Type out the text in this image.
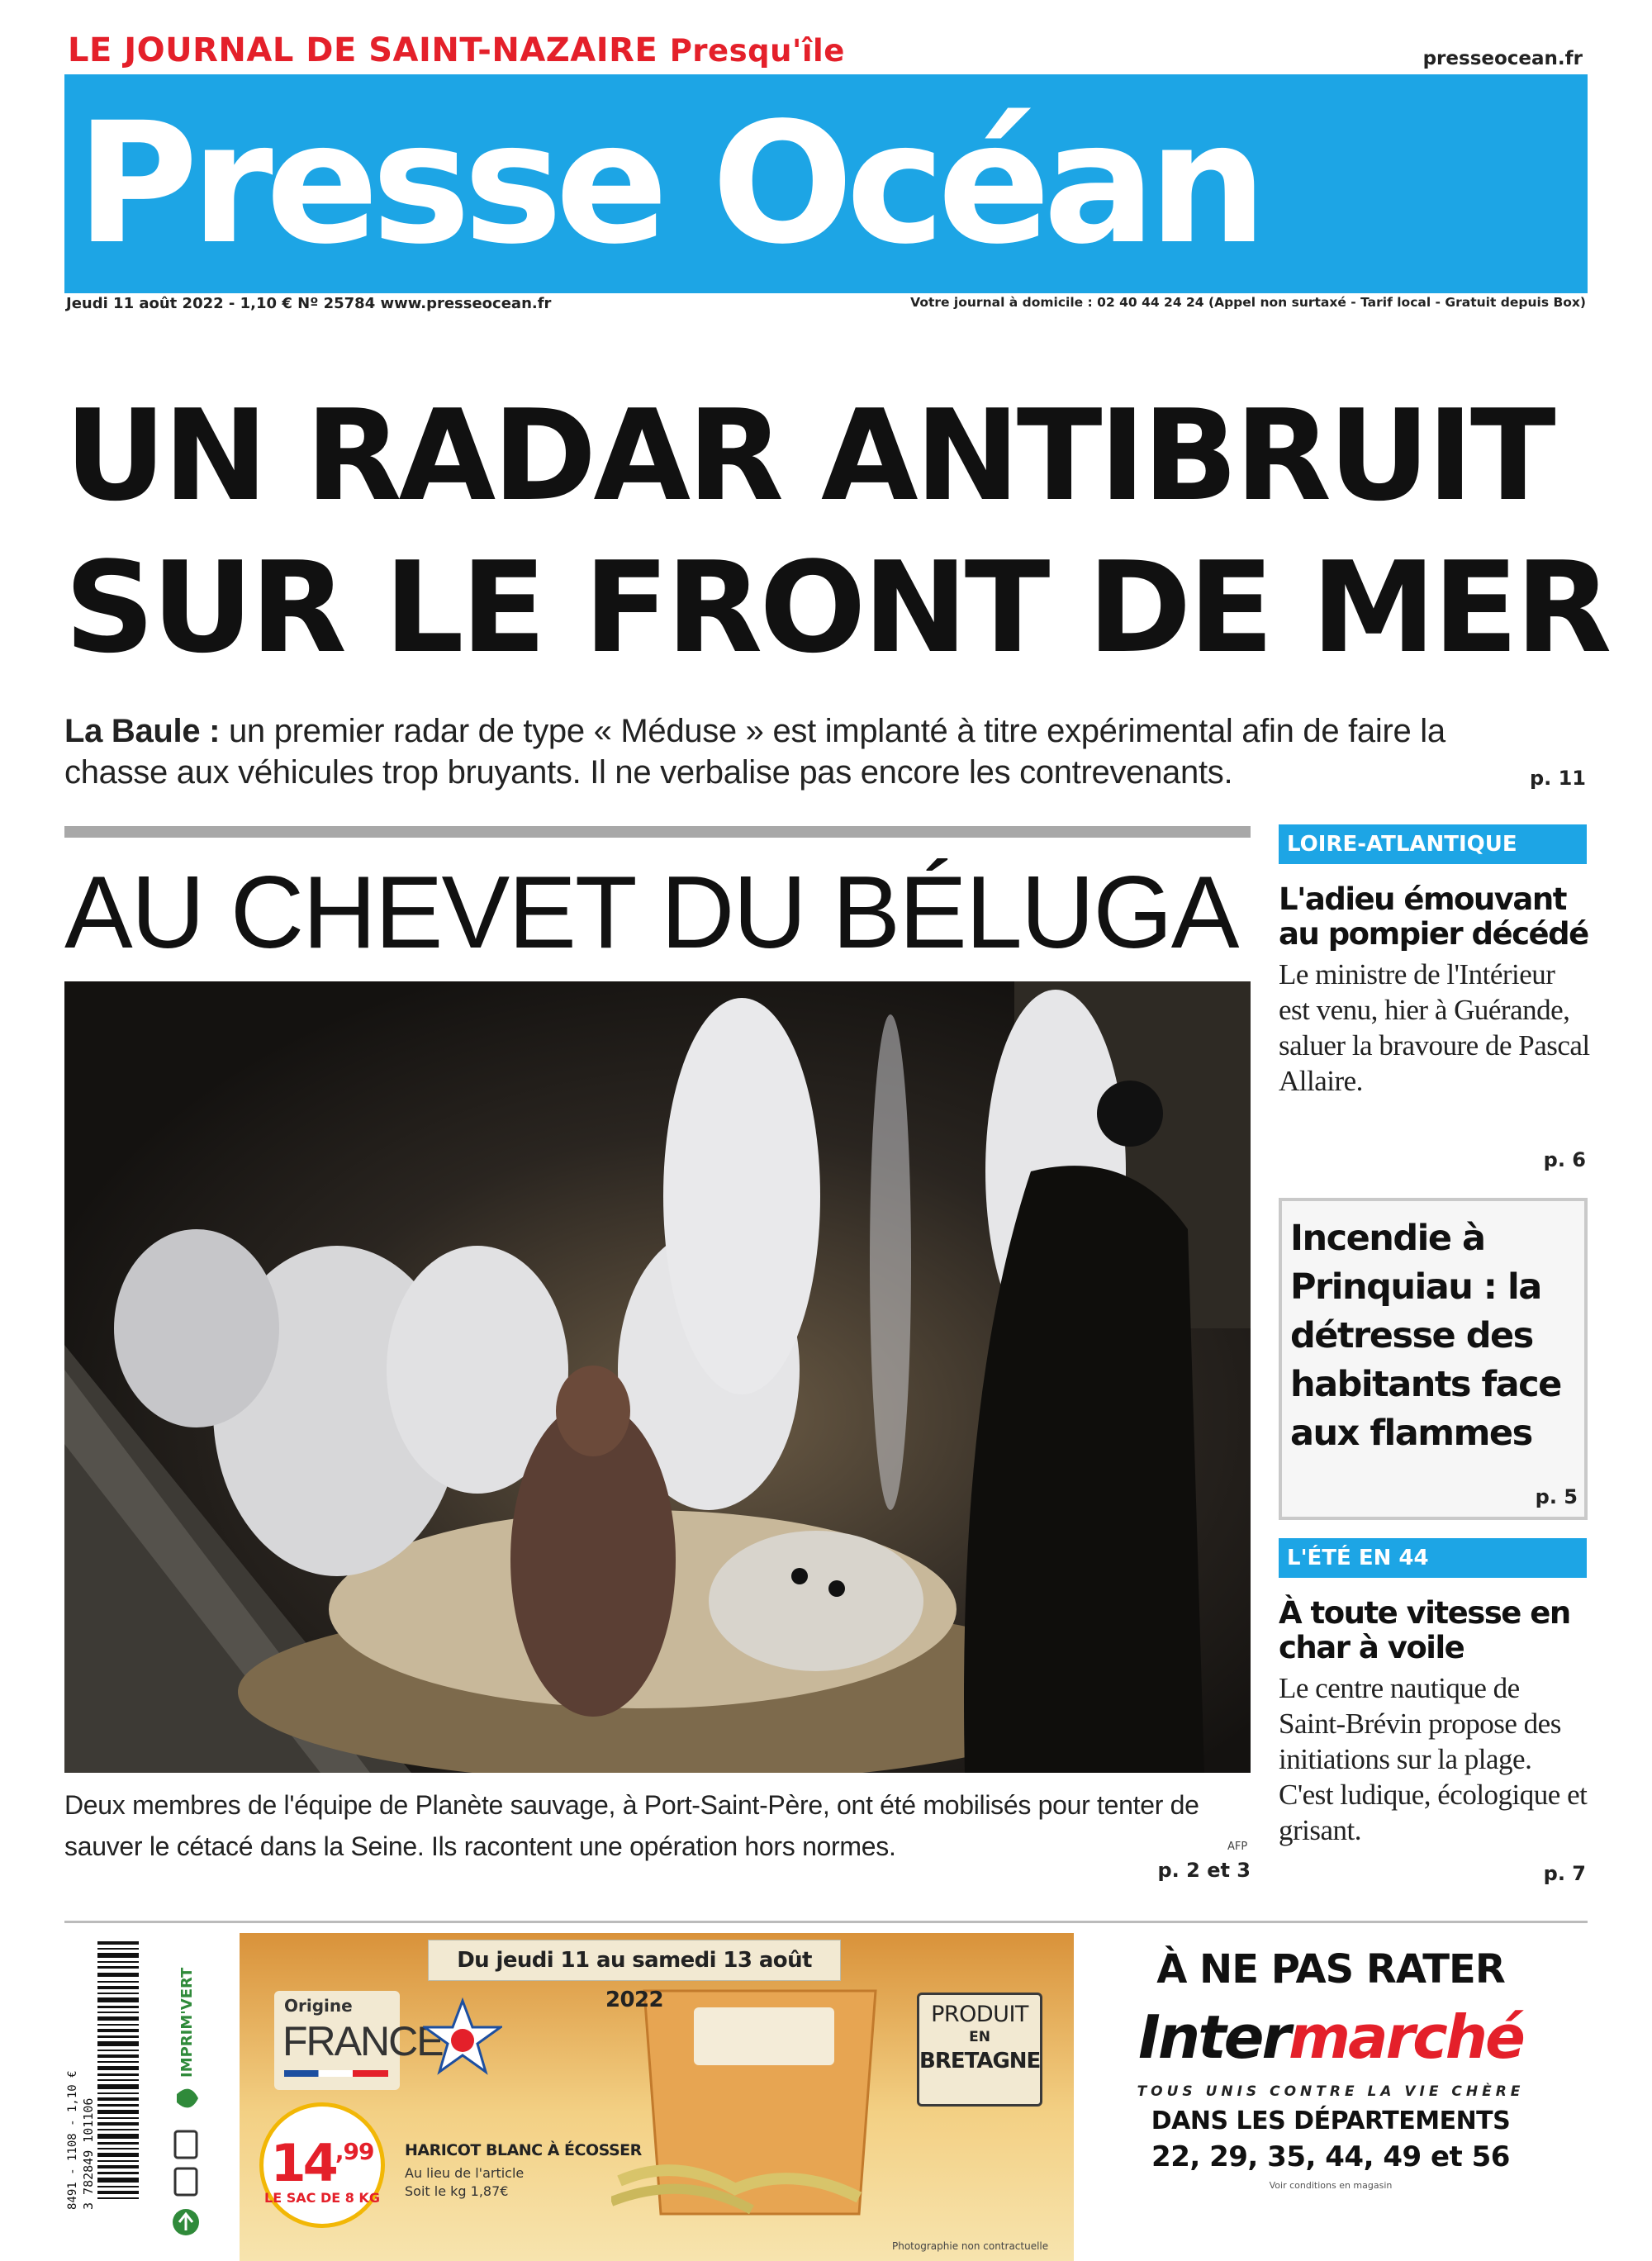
LE JOURNAL DE SAINT-NAZAIRE Presqu'île	presseocean.fr
Presse Océan
Jeudi 11 août 2022 - 1,10 € Nº 25784 www.presseocean.fr	Votre journal à domicile : 02 40 44 24 24 (Appel non surtaxé - Tarif local - Gratuit depuis Box)
UN RADAR ANTIBRUIT
SUR LE FRONT DE MER
La Baule : un premier radar de type « Méduse » est implanté à titre expérimental afin de faire la chasse aux véhicules trop bruyants. Il ne verbalise pas encore les contrevenants.	p. 11
AU CHEVET DU BÉLUGA
Deux membres de l'équipe de Planète sauvage, à Port-Saint-Père, ont été mobilisés pour tenter de sauver le cétacé dans la Seine. Ils racontent une opération hors normes.	AFP
p. 2 et 3
LOIRE-ATLANTIQUE
L'adieu émouvant au pompier décédé
Le ministre de l'Intérieur est venu, hier à Guérande, saluer la bravoure de Pascal Allaire.
p. 6
Incendie à Prinquiau : la détresse des habitants face aux flammes
p. 5
L'ÉTÉ EN 44
À toute vitesse en char à voile
Le centre nautique de Saint-Brévin propose des initiations sur la plage. C'est ludique, écologique et grisant.
p. 7
3 782849 101106
8491 - 1108 - 1,10 €
IMPRIM'VERT
Du jeudi 11 au samedi 13 août 2022
Origine
FRANCE
PRODUIT
EN
BRETAGNE
$14^{,99}$
LE SAC DE 8 KG
HARICOT BLANC À ÉCOSSER
Au lieu de l'article
Soit le kg 1,87€
Photographie non contractuelle
À NE PAS RATER
Intermarché
TOUS UNIS CONTRE LA VIE CHÈRE
DANS LES DÉPARTEMENTS
22, 29, 35, 44, 49 et 56
Voir conditions en magasin
